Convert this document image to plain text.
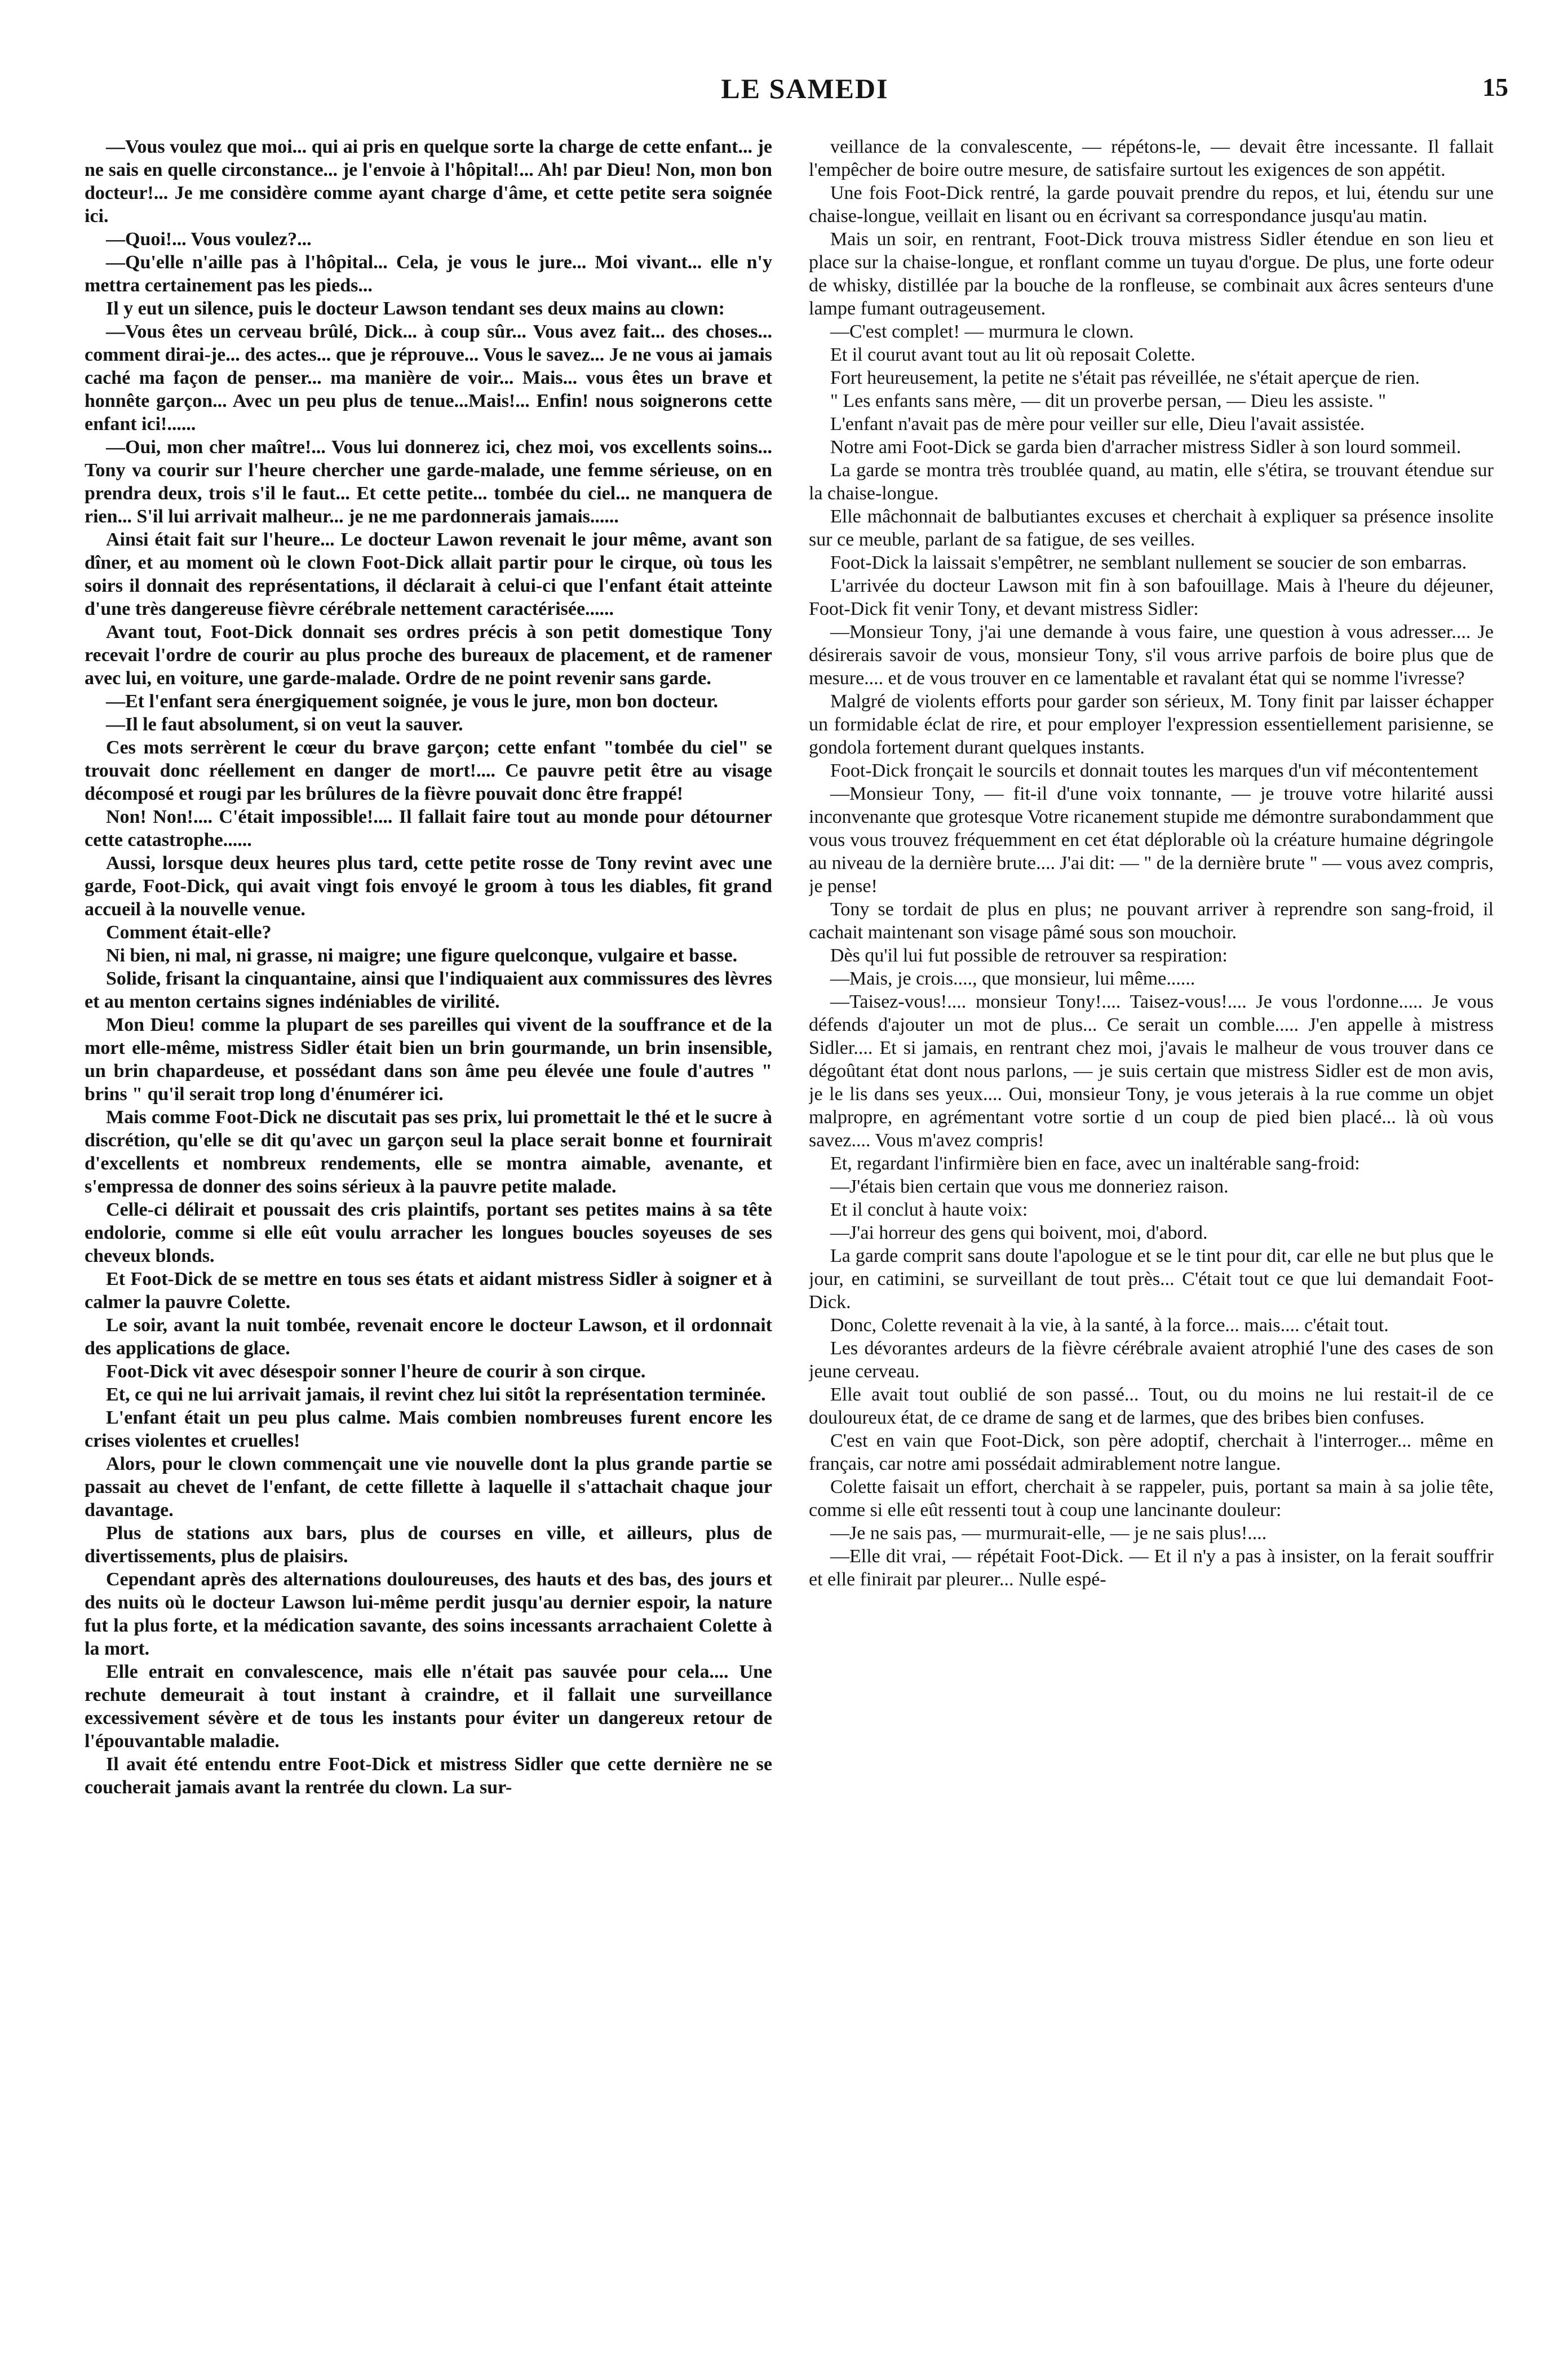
LE SAMEDI	15

—Vous voulez que moi... qui ai pris en quelque sorte la charge de cette enfant... je ne sais en quelle circonstance... je l'envoie à l'hôpital!... Ah! par Dieu! Non, mon bon docteur!... Je me considère comme ayant charge d'âme, et cette petite sera soignée ici.

—Quoi!... Vous voulez?...

—Qu'elle n'aille pas à l'hôpital... Cela, je vous le jure... Moi vivant... elle n'y mettra certainement pas les pieds...

Il y eut un silence, puis le docteur Lawson tendant ses deux mains au clown:

—Vous êtes un cerveau brûlé, Dick... à coup sûr... Vous avez fait... des choses... comment dirai-je... des actes... que je réprouve... Vous le savez... Je ne vous ai jamais caché ma façon de penser... ma manière de voir... Mais... vous êtes un brave et honnête garçon... Avec un peu plus de tenue...Mais!... Enfin! nous soignerons cette enfant ici!......

—Oui, mon cher maître!... Vous lui donnerez ici, chez moi, vos excellents soins... Tony va courir sur l'heure chercher une garde-malade, une femme sérieuse, on en prendra deux, trois s'il le faut... Et cette petite... tombée du ciel... ne manquera de rien... S'il lui arrivait malheur... je ne me pardonnerais jamais......

Ainsi était fait sur l'heure... Le docteur Lawon revenait le jour même, avant son dîner, et au moment où le clown Foot-Dick allait partir pour le cirque, où tous les soirs il donnait des représentations, il déclarait à celui-ci que l'enfant était atteinte d'une très dangereuse fièvre cérébrale nettement caractérisée......

Avant tout, Foot-Dick donnait ses ordres précis à son petit domestique Tony recevait l'ordre de courir au plus proche des bureaux de placement, et de ramener avec lui, en voiture, une garde-malade. Ordre de ne point revenir sans garde.

—Et l'enfant sera énergiquement soignée, je vous le jure, mon bon docteur.

—Il le faut absolument, si on veut la sauver.

Ces mots serrèrent le cœur du brave garçon; cette enfant "tombée du ciel" se trouvait donc réellement en danger de mort!.... Ce pauvre petit être au visage décomposé et rougi par les brûlures de la fièvre pouvait donc être frappé!

Non! Non!.... C'était impossible!.... Il fallait faire tout au monde pour détourner cette catastrophe......

Aussi, lorsque deux heures plus tard, cette petite rosse de Tony revint avec une garde, Foot-Dick, qui avait vingt fois envoyé le groom à tous les diables, fit grand accueil à la nouvelle venue.

Comment était-elle?

Ni bien, ni mal, ni grasse, ni maigre; une figure quelconque, vulgaire et basse.

Solide, frisant la cinquantaine, ainsi que l'indiquaient aux commissures des lèvres et au menton certains signes indéniables de virilité.

Mon Dieu! comme la plupart de ses pareilles qui vivent de la souffrance et de la mort elle-même, mistress Sidler était bien un brin gourmande, un brin insensible, un brin chapardeuse, et possédant dans son âme peu élevée une foule d'autres " brins " qu'il serait trop long d'énumérer ici.

Mais comme Foot-Dick ne discutait pas ses prix, lui promettait le thé et le sucre à discrétion, qu'elle se dit qu'avec un garçon seul la place serait bonne et fournirait d'excellents et nombreux rendements, elle se montra aimable, avenante, et s'empressa de donner des soins sérieux à la pauvre petite malade.

Celle-ci délirait et poussait des cris plaintifs, portant ses petites mains à sa tête endolorie, comme si elle eût voulu arracher les longues boucles soyeuses de ses cheveux blonds.

Et Foot-Dick de se mettre en tous ses états et aidant mistress Sidler à soigner et à calmer la pauvre Colette.

Le soir, avant la nuit tombée, revenait encore le docteur Lawson, et il ordonnait des applications de glace.

Foot-Dick vit avec désespoir sonner l'heure de courir à son cirque.

Et, ce qui ne lui arrivait jamais, il revint chez lui sitôt la représentation terminée.

L'enfant était un peu plus calme. Mais combien nombreuses furent encore les crises violentes et cruelles!

Alors, pour le clown commençait une vie nouvelle dont la plus grande partie se passait au chevet de l'enfant, de cette fillette à laquelle il s'attachait chaque jour davantage.

Plus de stations aux bars, plus de courses en ville, et ailleurs, plus de divertissements, plus de plaisirs.

Cependant après des alternations douloureuses, des hauts et des bas, des jours et des nuits où le docteur Lawson lui-même perdit jusqu'au dernier espoir, la nature fut la plus forte, et la médication savante, des soins incessants arrachaient Colette à la mort.

Elle entrait en convalescence, mais elle n'était pas sauvée pour cela.... Une rechute demeurait à tout instant à craindre, et il fallait une surveillance excessivement sévère et de tous les instants pour éviter un dangereux retour de l'épouvantable maladie.

Il avait été entendu entre Foot-Dick et mistress Sidler que cette dernière ne se coucherait jamais avant la rentrée du clown. La sur-

veillance de la convalescente, — répétons-le, — devait être incessante. Il fallait l'empêcher de boire outre mesure, de satisfaire surtout les exigences de son appétit.

Une fois Foot-Dick rentré, la garde pouvait prendre du repos, et lui, étendu sur une chaise-longue, veillait en lisant ou en écrivant sa correspondance jusqu'au matin.

Mais un soir, en rentrant, Foot-Dick trouva mistress Sidler étendue en son lieu et place sur la chaise-longue, et ronflant comme un tuyau d'orgue. De plus, une forte odeur de whisky, distillée par la bouche de la ronfleuse, se combinait aux âcres senteurs d'une lampe fumant outrageusement.

—C'est complet! — murmura le clown.

Et il courut avant tout au lit où reposait Colette.

Fort heureusement, la petite ne s'était pas réveillée, ne s'était aperçue de rien.

" Les enfants sans mère, — dit un proverbe persan, — Dieu les assiste. "

L'enfant n'avait pas de mère pour veiller sur elle, Dieu l'avait assistée.

Notre ami Foot-Dick se garda bien d'arracher mistress Sidler à son lourd sommeil.

La garde se montra très troublée quand, au matin, elle s'étira, se trouvant étendue sur la chaise-longue.

Elle mâchonnait de balbutiantes excuses et cherchait à expliquer sa présence insolite sur ce meuble, parlant de sa fatigue, de ses veilles.

Foot-Dick la laissait s'empêtrer, ne semblant nullement se soucier de son embarras.

L'arrivée du docteur Lawson mit fin à son bafouillage. Mais à l'heure du déjeuner, Foot-Dick fit venir Tony, et devant mistress Sidler:

—Monsieur Tony, j'ai une demande à vous faire, une question à vous adresser.... Je désirerais savoir de vous, monsieur Tony, s'il vous arrive parfois de boire plus que de mesure.... et de vous trouver en ce lamentable et ravalant état qui se nomme l'ivresse?

Malgré de violents efforts pour garder son sérieux, M. Tony finit par laisser échapper un formidable éclat de rire, et pour employer l'expression essentiellement parisienne, se gondola fortement durant quelques instants.

Foot-Dick fronçait le sourcils et donnait toutes les marques d'un vif mécontentement

—Monsieur Tony, — fit-il d'une voix tonnante, — je trouve votre hilarité aussi inconvenante que grotesque Votre ricanement stupide me démontre surabondamment que vous vous trouvez fréquemment en cet état déplorable où la créature humaine dégringole au niveau de la dernière brute.... J'ai dit: — " de la dernière brute " — vous avez compris, je pense!

Tony se tordait de plus en plus; ne pouvant arriver à reprendre son sang-froid, il cachait maintenant son visage pâmé sous son mouchoir.

Dès qu'il lui fut possible de retrouver sa respiration:

—Mais, je crois...., que monsieur, lui même......

—Taisez-vous!.... monsieur Tony!.... Taisez-vous!.... Je vous l'ordonne..... Je vous défends d'ajouter un mot de plus... Ce serait un comble..... J'en appelle à mistress Sidler.... Et si jamais, en rentrant chez moi, j'avais le malheur de vous trouver dans ce dégoûtant état dont nous parlons, — je suis certain que mistress Sidler est de mon avis, je le lis dans ses yeux.... Oui, monsieur Tony, je vous jeterais à la rue comme un objet malpropre, en agrémentant votre sortie d un coup de pied bien placé... là où vous savez.... Vous m'avez compris!

Et, regardant l'infirmière bien en face, avec un inaltérable sang-froid:

—J'étais bien certain que vous me donneriez raison.

Et il conclut à haute voix:

—J'ai horreur des gens qui boivent, moi, d'abord.

La garde comprit sans doute l'apologue et se le tint pour dit, car elle ne but plus que le jour, en catimini, se surveillant de tout près... C'était tout ce que lui demandait Foot-Dick.

Donc, Colette revenait à la vie, à la santé, à la force... mais.... c'était tout.

Les dévorantes ardeurs de la fièvre cérébrale avaient atrophié l'une des cases de son jeune cerveau.

Elle avait tout oublié de son passé... Tout, ou du moins ne lui restait-il de ce douloureux état, de ce drame de sang et de larmes, que des bribes bien confuses.

C'est en vain que Foot-Dick, son père adoptif, cherchait à l'interroger... même en français, car notre ami possédait admirablement notre langue.

Colette faisait un effort, cherchait à se rappeler, puis, portant sa main à sa jolie tête, comme si elle eût ressenti tout à coup une lancinante douleur:

—Je ne sais pas, — murmurait-elle, — je ne sais plus!....

—Elle dit vrai, — répétait Foot-Dick. — Et il n'y a pas à insister, on la ferait souffrir et elle finirait par pleurer... Nulle espé-
